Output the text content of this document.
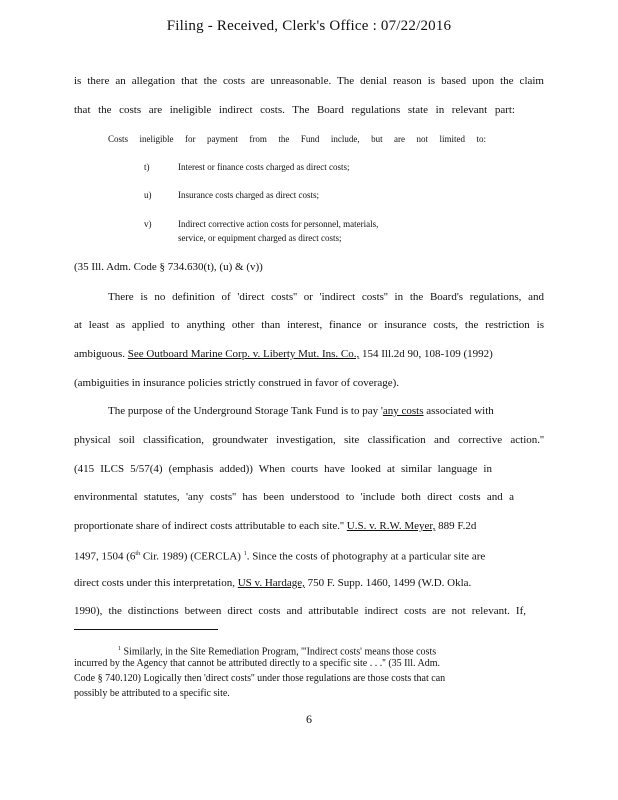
Filing - Received, Clerk's Office : 07/22/2016
is there an allegation that the costs are unreasonable. The denial reason is based upon the claim
that the costs are ineligible indirect costs. The Board regulations state in relevant part:
Costs ineligible for payment from the Fund include, but are not limited to:
t)	Interest or finance costs charged as direct costs;
u)	Insurance costs charged as direct costs;
v)	Indirect corrective action costs for personnel, materials,
service, or equipment charged as direct costs;
(35 Ill. Adm. Code § 734.630(t), (u) & (v))
There is no definition of 'direct costs'' or 'indirect costs'' in the Board's regulations, and
at least as applied to anything other than interest, finance or insurance costs, the restriction is
ambiguous. See Outboard Marine Corp. v. Liberty Mut. Ins. Co., 154 Ill.2d 90, 108-109 (1992)
(ambiguities in insurance policies strictly construed in favor of coverage).
The purpose of the Underground Storage Tank Fund is to pay 'any costs associated with
physical soil classification, groundwater investigation, site classification and corrective action.''
(415 ILCS 5/57(4) (emphasis added)) When courts have looked at similar language in
environmental statutes, 'any costs'' has been understood to 'include both direct costs and a
proportionate share of indirect costs attributable to each site.'' U.S. v. R.W. Meyer, 889 F.2d
1497, 1504 (6th Cir. 1989) (CERCLA) $^1$. Since the costs of photography at a particular site are
direct costs under this interpretation, US v. Hardage, 750 F. Supp. 1460, 1499 (W.D. Okla.
1990), the distinctions between direct costs and attributable indirect costs are not relevant. If,
$^1$ Similarly, in the Site Remediation Program, '''Indirect costs' means those costs
incurred by the Agency that cannot be attributed directly to a specific site . . .'' (35 Ill. Adm.
Code § 740.120) Logically then 'direct costs'' under those regulations are those costs that can
possibly be attributed to a specific site.
6
